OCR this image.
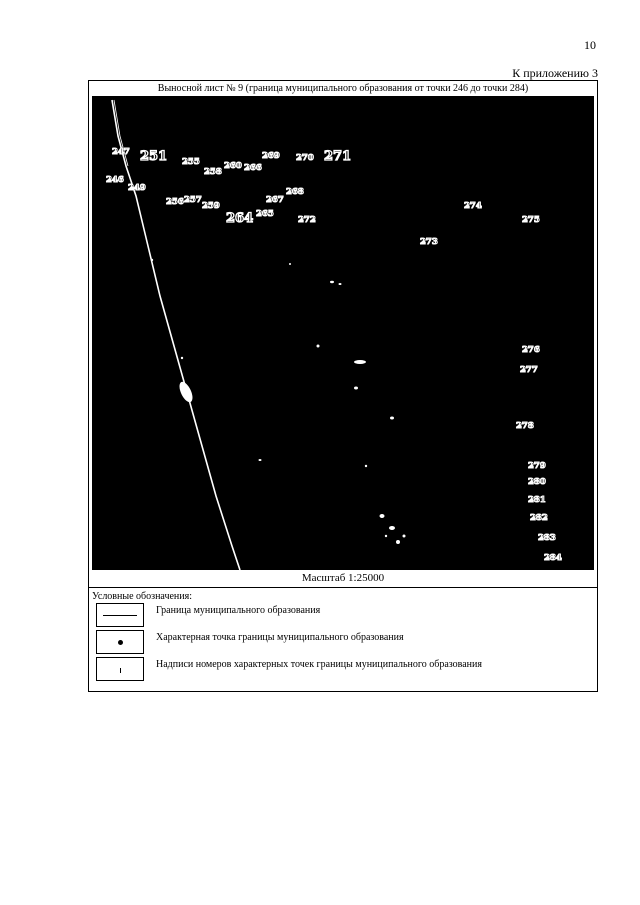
10
К приложению 3
Выносной лист № 9 (граница муниципального образования от точки 246 до точки 284)
247 251 255
258
260 266
269 270 271
246
249	268
256 257
259
267
264 265
272
274
275
273
276
277
278
279
280
281
282
283
284
Масштаб 1:25000
Условные обозначения:
Граница муниципального образования
Характерная точка границы муниципального образования
Надписи номеров характерных точек границы муниципального образования
